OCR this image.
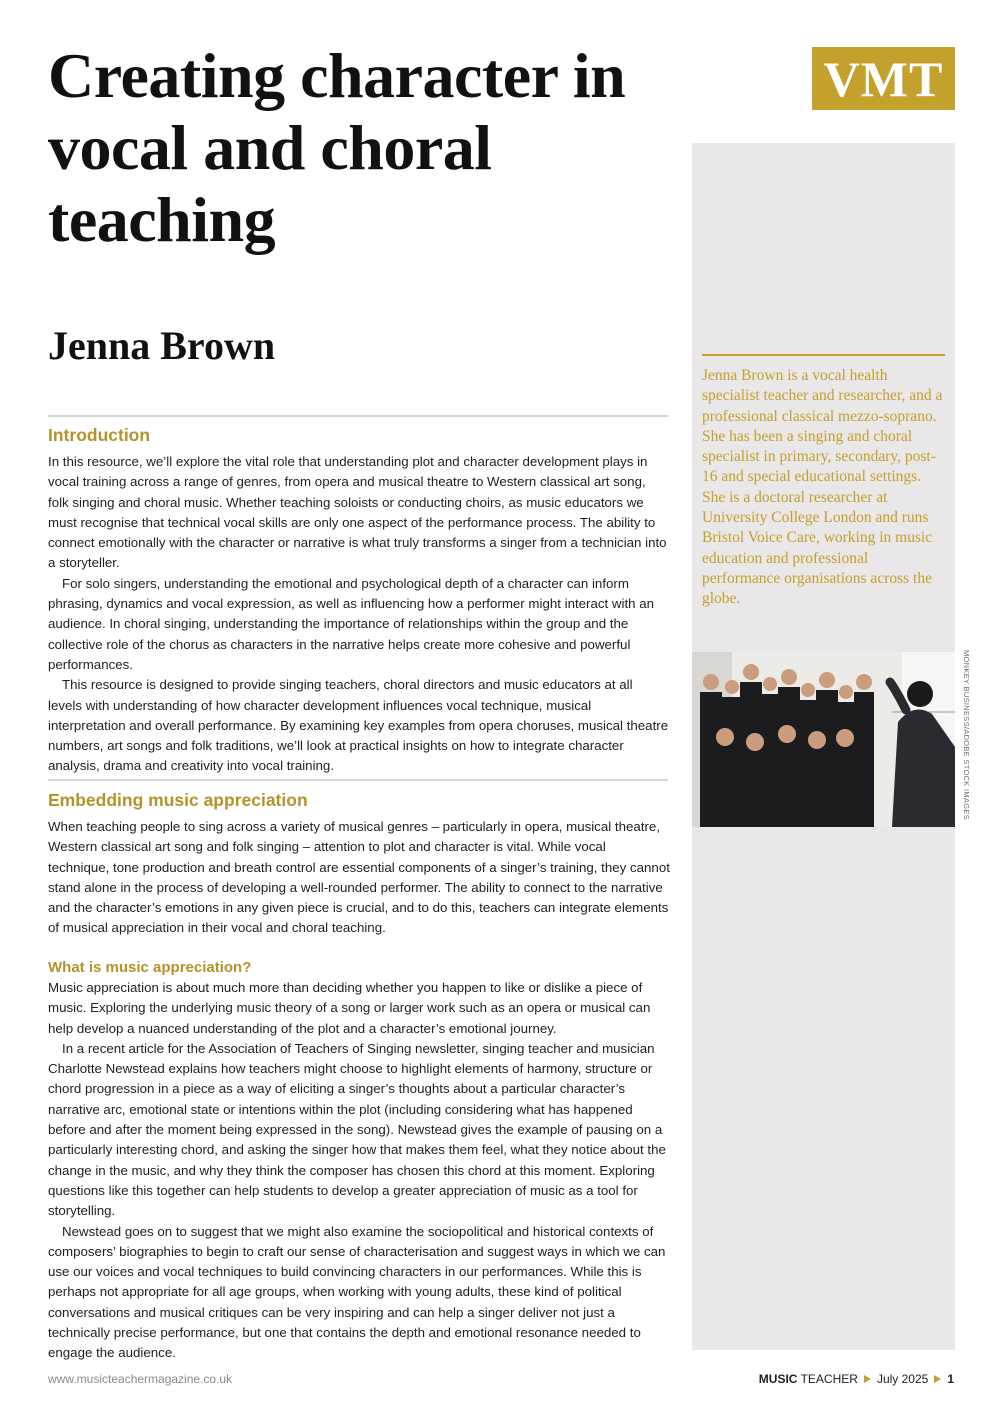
Creating character in vocal and choral teaching
VMT
Jenna Brown

Jenna Brown is a vocal health specialist teacher and researcher, and a professional classical mezzo-soprano. She has been a singing and choral specialist in primary, secondary, post-16 and special educational settings. She is a doctoral researcher at University College London and runs Bristol Voice Care, working in music education and professional performance organisations across the globe.

MONKEY BUSINESS/ADOBE STOCK IMAGES
Introduction

In this resource, we’ll explore the vital role that understanding plot and character development plays in vocal training across a range of genres, from opera and musical theatre to Western classical art song, folk singing and choral music. Whether teaching soloists or conducting choirs, as music educators we must recognise that technical vocal skills are only one aspect of the performance process. The ability to connect emotionally with the character or narrative is what truly transforms a singer from a technician into a storyteller.

For solo singers, understanding the emotional and psychological depth of a character can inform phrasing, dynamics and vocal expression, as well as influencing how a performer might interact with an audience. In choral singing, understanding the importance of relationships within the group and the collective role of the chorus as characters in the narrative helps create more cohesive and powerful performances.

This resource is designed to provide singing teachers, choral directors and music educators at all levels with understanding of how character development influences vocal technique, musical interpretation and overall performance. By examining key examples from opera choruses, musical theatre numbers, art songs and folk traditions, we’ll look at practical insights on how to integrate character analysis, drama and creativity into vocal training.

Embedding music appreciation

When teaching people to sing across a variety of musical genres – particularly in opera, musical theatre, Western classical art song and folk singing – attention to plot and character is vital. While vocal technique, tone production and breath control are essential components of a singer’s training, they cannot stand alone in the process of developing a well-rounded performer. The ability to connect to the narrative and the character’s emotions in any given piece is crucial, and to do this, teachers can integrate elements of musical appreciation in their vocal and choral teaching.

What is music appreciation?

Music appreciation is about much more than deciding whether you happen to like or dislike a piece of music. Exploring the underlying music theory of a song or larger work such as an opera or musical can help develop a nuanced understanding of the plot and a character’s emotional journey.

In a recent article for the Association of Teachers of Singing newsletter, singing teacher and musician Charlotte Newstead explains how teachers might choose to highlight elements of harmony, structure or chord progression in a piece as a way of eliciting a singer’s thoughts about a particular character’s narrative arc, emotional state or intentions within the plot (including considering what has happened before and after the moment being expressed in the song). Newstead gives the example of pausing on a particularly interesting chord, and asking the singer how that makes them feel, what they notice about the change in the music, and why they think the composer has chosen this chord at this moment. Exploring questions like this together can help students to develop a greater appreciation of music as a tool for storytelling.

Newstead goes on to suggest that we might also examine the sociopolitical and historical contexts of composers’ biographies to begin to craft our sense of characterisation and suggest ways in which we can use our voices and vocal techniques to build convincing characters in our performances. While this is perhaps not appropriate for all age groups, when working with young adults, these kind of political conversations and musical critiques can be very inspiring and can help a singer deliver not just a technically precise performance, but one that contains the depth and emotional resonance needed to engage the audience.

www.musicteachermagazine.co.uk	MUSIC TEACHER July 2025 1
